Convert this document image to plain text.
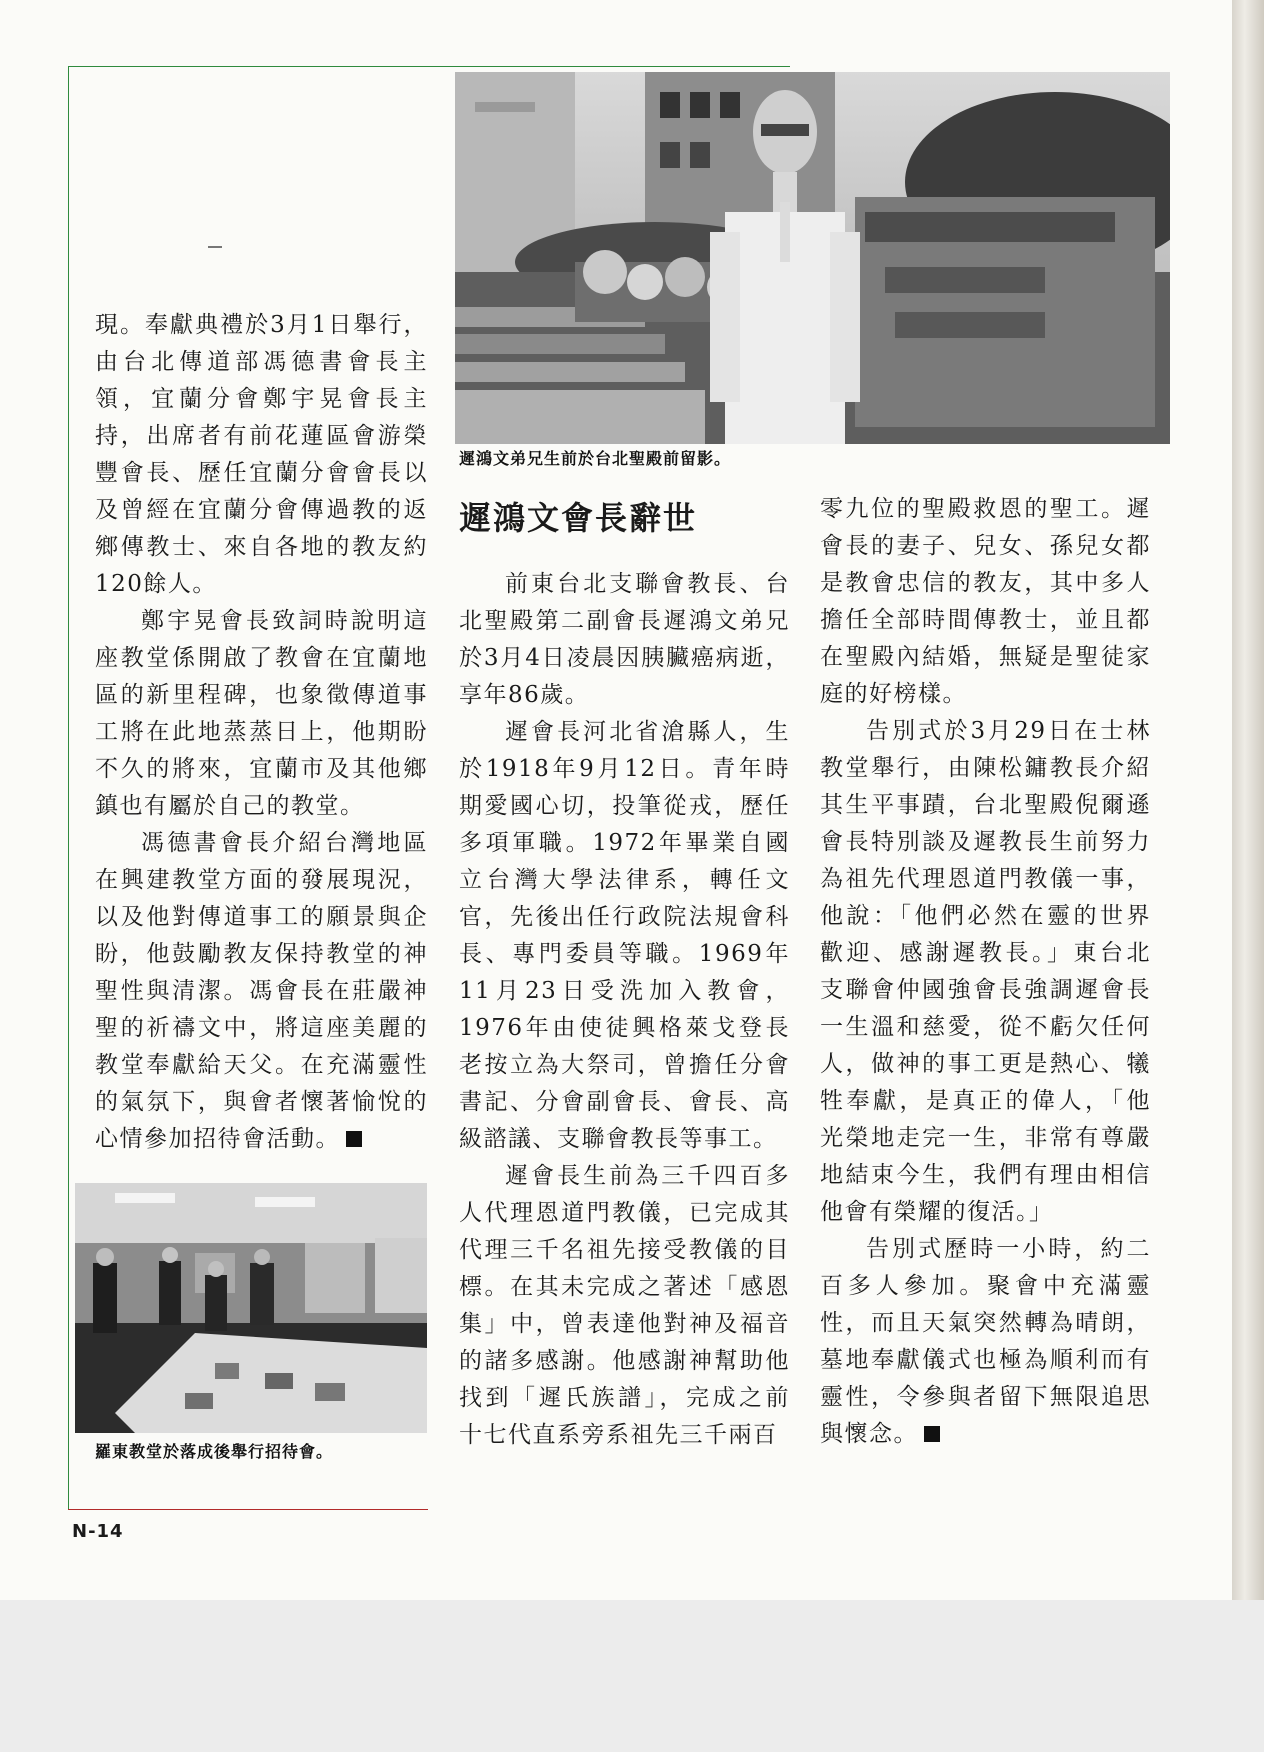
現。奉獻典禮於3月1日舉行，由台北傳道部馮德書會長主領，宜蘭分會鄭宇晃會長主持，出席者有前花蓮區會游榮豐會長、歷任宜蘭分會會長以及曾經在宜蘭分會傳過教的返鄉傳教士、來自各地的教友約120餘人。

鄭宇晃會長致詞時說明這座教堂係開啟了教會在宜蘭地區的新里程碑，也象徵傳道事工將在此地蒸蒸日上，他期盼不久的將來，宜蘭市及其他鄉鎮也有屬於自己的教堂。

馮德書會長介紹台灣地區在興建教堂方面的發展現況，以及他對傳道事工的願景與企盼，他鼓勵教友保持教堂的神聖性與清潔。馮會長在莊嚴神聖的祈禱文中，將這座美麗的教堂奉獻給天父。在充滿靈性的氣氛下，與會者懷著愉悅的心情參加招待會活動。

遲鴻文弟兄生前於台北聖殿前留影。
遲鴻文會長辭世

前東台北支聯會教長、台北聖殿第二副會長遲鴻文弟兄於3月4日凌晨因胰臟癌病逝，享年86歲。

遲會長河北省滄縣人，生於1918年9月12日。青年時期愛國心切，投筆從戎，歷任多項軍職。1972年畢業自國立台灣大學法律系，轉任文官，先後出任行政院法規會科長、專門委員等職。1969年11月23日受洗加入教會，1976年由使徒興格萊戈登長老按立為大祭司，曾擔任分會書記、分會副會長、會長、高級諮議、支聯會教長等事工。

遲會長生前為三千四百多人代理恩道門教儀，已完成其代理三千名祖先接受教儀的目標。在其未完成之著述「感恩集」中，曾表達他對神及福音的諸多感謝。他感謝神幫助他找到「遲氏族譜」，完成之前十七代直系旁系祖先三千兩百

零九位的聖殿救恩的聖工。遲會長的妻子、兒女、孫兒女都是教會忠信的教友，其中多人擔任全部時間傳教士，並且都在聖殿內結婚，無疑是聖徒家庭的好榜樣。

告別式於3月29日在士林教堂舉行，由陳松鏞教長介紹其生平事蹟，台北聖殿倪爾遜會長特別談及遲教長生前努力為祖先代理恩道門教儀一事，他說：「他們必然在靈的世界歡迎、感謝遲教長。」東台北支聯會仲國強會長強調遲會長一生溫和慈愛，從不虧欠任何人，做神的事工更是熱心、犧牲奉獻，是真正的偉人，「他光榮地走完一生，非常有尊嚴地結束今生，我們有理由相信他會有榮耀的復活。」

告別式歷時一小時，約二百多人參加。聚會中充滿靈性，而且天氣突然轉為晴朗，墓地奉獻儀式也極為順利而有靈性，令參與者留下無限追思與懷念。

羅東教堂於落成後舉行招待會。
N-14
